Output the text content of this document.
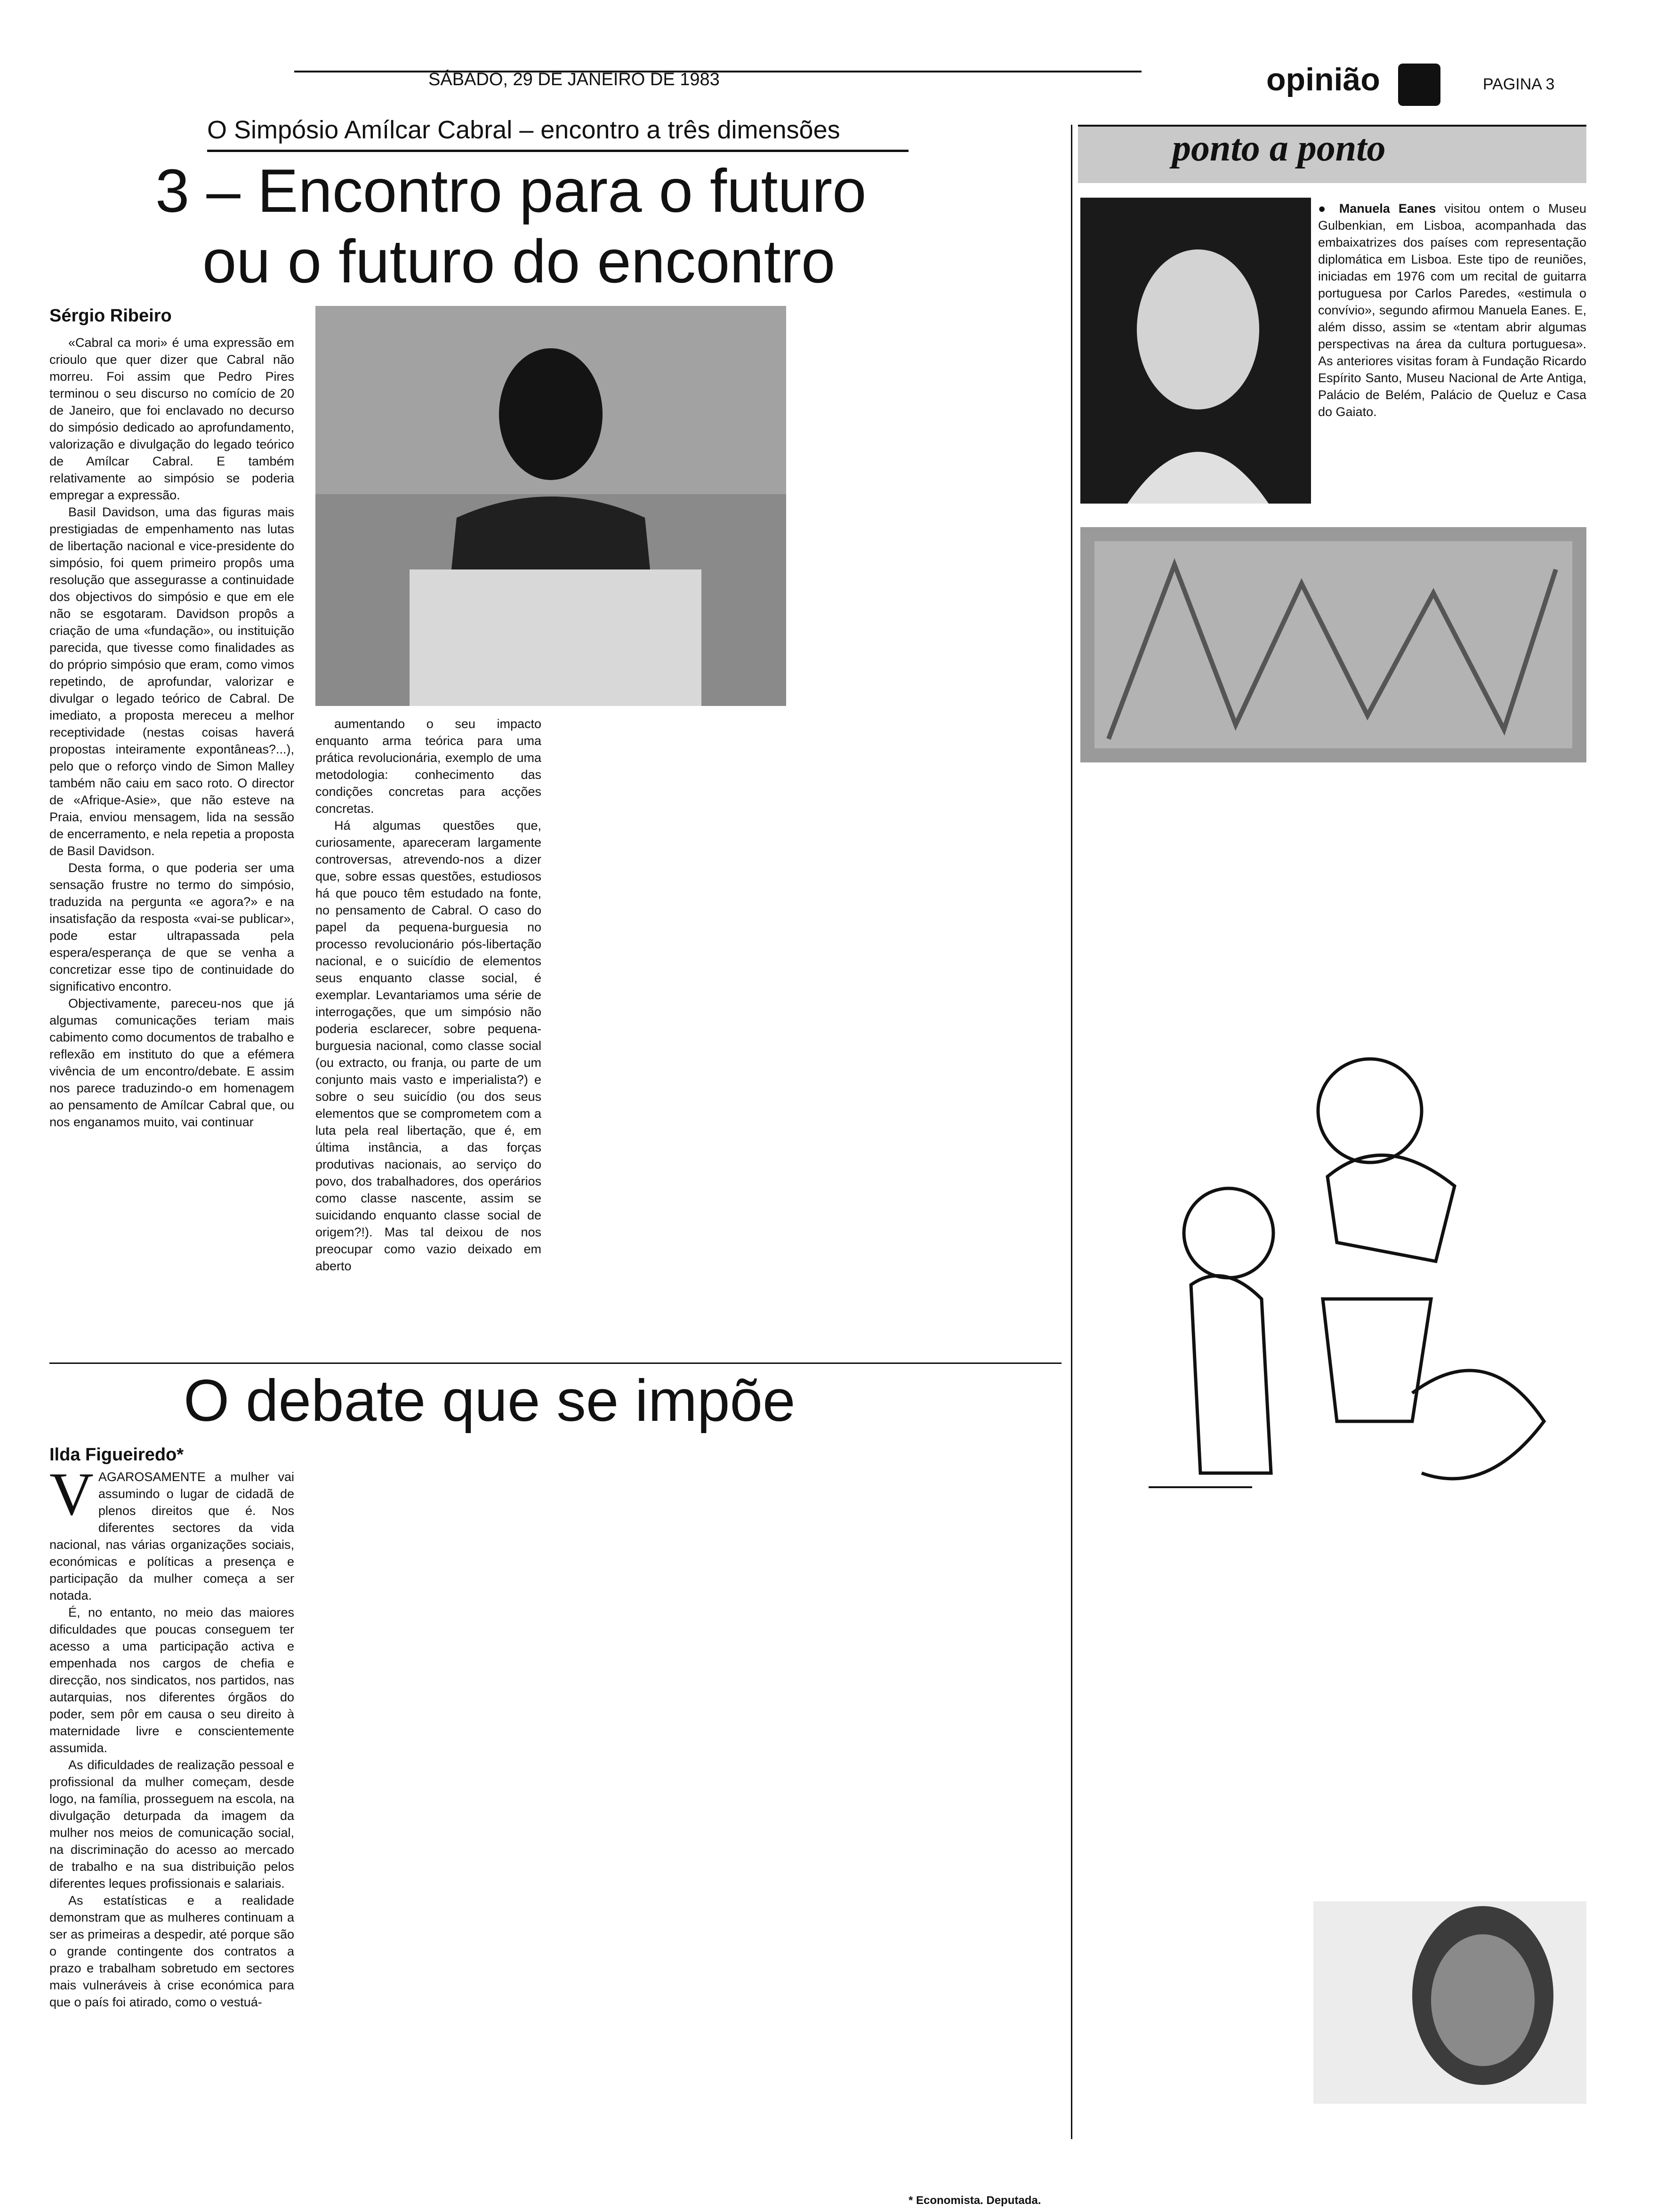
SÁBADO, 29 DE JANEIRO DE 1983	opinião	PAGINA 3
O Simpósio Amílcar Cabral – encontro a três dimensões
3 – Encontro para o futuro
ou o futuro do encontro
Sérgio Ribeiro

«Cabral ca mori» é uma expressão em crioulo que quer dizer que Cabral não morreu. Foi assim que Pedro Pires terminou o seu discurso no comício de 20 de Janeiro, que foi enclavado no decurso do simpósio dedicado ao aprofundamento, valorização e divulgação do legado teórico de Amílcar Cabral. E também relativamente ao simpósio se poderia empregar a expressão.

Basil Davidson, uma das figuras mais prestigiadas de empenhamento nas lutas de libertação nacional e vice-presidente do simpósio, foi quem primeiro propôs uma resolução que assegurasse a continuidade dos objectivos do simpósio e que em ele não se esgotaram. Davidson propôs a criação de uma «fundação», ou instituição parecida, que tivesse como finalidades as do próprio simpósio que eram, como vimos repetindo, de aprofundar, valorizar e divulgar o legado teórico de Cabral. De imediato, a proposta mereceu a melhor receptividade (nestas coisas haverá propostas inteiramente expontâneas?...), pelo que o reforço vindo de Simon Malley também não caiu em saco roto. O director de «Afrique-Asie», que não esteve na Praia, enviou mensagem, lida na sessão de encerramento, e nela repetia a proposta de Basil Davidson.

Desta forma, o que poderia ser uma sensação frustre no termo do simpósio, traduzida na pergunta «e agora?» e na insatisfação da resposta «vai-se publicar», pode estar ultrapassada pela espera/esperança de que se venha a concretizar esse tipo de continuidade do significativo encontro.

Objectivamente, pareceu-nos que já algumas comunicações teriam mais cabimento como documentos de trabalho e reflexão em instituto do que a efémera vivência de um encontro/debate. E assim nos parece traduzindo-o em homenagem ao pensamento de Amílcar Cabral que, ou nos enganamos muito, vai continuar

aumentando o seu impacto enquanto arma teórica para uma prática revolucionária, exemplo de uma metodologia: conhecimento das condições concretas para acções concretas.

Há algumas questões que, curiosamente, apareceram largamente controversas, atrevendo-nos a dizer que, sobre essas questões, estudiosos há que pouco têm estudado na fonte, no pensamento de Cabral. O caso do papel da pequena-burguesia no processo revolucionário pós-libertação nacional, e o suicídio de elementos seus enquanto classe social, é exemplar. Levantariamos uma série de interrogações, que um simpósio não poderia esclarecer, sobre pequena-burguesia nacional, como classe social (ou extracto, ou franja, ou parte de um conjunto mais vasto e imperialista?) e sobre o seu suicídio (ou dos seus elementos que se comprometem com a luta pela real libertação, que é, em última instância, a das forças produtivas nacionais, ao serviço do povo, dos trabalhadores, dos operários como classe nascente, assim se suicidando enquanto classe social de origem?!). Mas tal deixou de nos preocupar como vazio deixado em aberto

ponto a ponto

● Manuela Eanes visitou ontem o Museu Gulbenkian, em Lisboa, acompanhada das embaixatrizes dos países com representação diplomática em Lisboa. Este tipo de reuniões, iniciadas em 1976 com um recital de guitarra portuguesa por Carlos Paredes, «estimula o convívio», segundo afirmou Manuela Eanes. E, além disso, assim se «tentam abrir algumas perspectivas na área da cultura portuguesa». As anteriores visitas foram à Fundação Ricardo Espírito Santo, Museu Nacional de Arte Antiga, Palácio de Belém, Palácio de Queluz e Casa do Gaiato.

O debate que se impõe
Ilda Figueiredo*
V AGAROSAMENTE a mulher vai assumindo o lugar de cidadã de plenos direitos que é. Nos diferentes sectores da vida nacional, nas várias organizações sociais, económicas e políticas a presença e participação da mulher começa a ser notada.

É, no entanto, no meio das maiores dificuldades que poucas conseguem ter acesso a uma participação activa e empenhada nos cargos de chefia e direcção, nos sindicatos, nos partidos, nas autarquias, nos diferentes órgãos do poder, sem pôr em causa o seu direito à maternidade livre e conscientemente assumida.

As dificuldades de realização pessoal e profissional da mulher começam, desde logo, na família, prosseguem na escola, na divulgação deturpada da imagem da mulher nos meios de comunicação social, na discriminação do acesso ao mercado de trabalho e na sua distribuição pelos diferentes leques profissionais e salariais.

As estatísticas e a realidade demonstram que as mulheres continuam a ser as primeiras a despedir, até porque são o grande contingente dos contratos a prazo e trabalham sobretudo em sectores mais vulneráveis à crise económica para que o país foi atirado, como o vestuá-

* Economista. Deputada.
